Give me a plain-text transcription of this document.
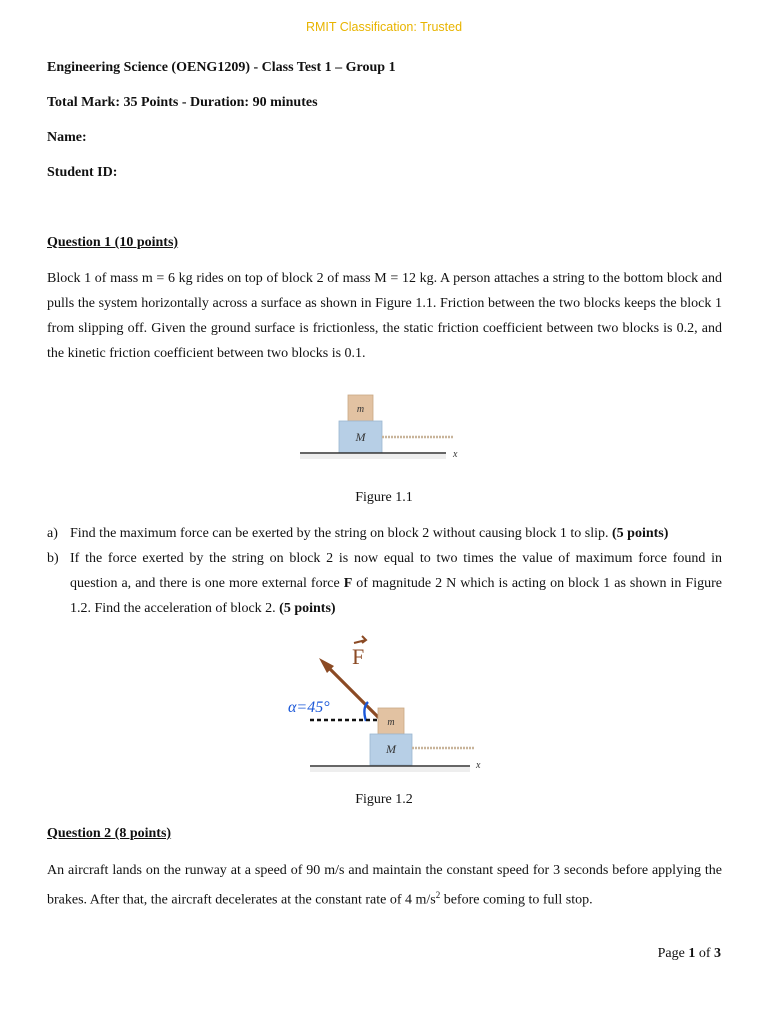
RMIT Classification: Trusted
Engineering Science (OENG1209) - Class Test 1 – Group 1
Total Mark: 35 Points - Duration: 90 minutes
Name:
Student ID:
Question 1 (10 points)
Block 1 of mass m = 6 kg rides on top of block 2 of mass M = 12 kg. A person attaches a string to the bottom block and pulls the system horizontally across a surface as shown in Figure 1.1. Friction between the two blocks keeps the block 1 from slipping off. Given the ground surface is frictionless, the static friction coefficient between two blocks is 0.2, and the kinetic friction coefficient between two blocks is 0.1.
m
M
x
Figure 1.1
a) Find the maximum force can be exerted by the string on block 2 without causing block 1 to slip. (5 points)
b) If the force exerted by the string on block 2 is now equal to two times the value of maximum force found in question a, and there is one more external force F of magnitude 2 N which is acting on block 1 as shown in Figure 1.2. Find the acceleration of block 2. (5 points)
F
α=45°
m
M
x
Figure 1.2
Question 2 (8 points)
An aircraft lands on the runway at a speed of 90 m/s and maintain the constant speed for 3 seconds before applying the brakes. After that, the aircraft decelerates at the constant rate of 4 $m/s^2$ before coming to full stop.
Page 1 of 3
